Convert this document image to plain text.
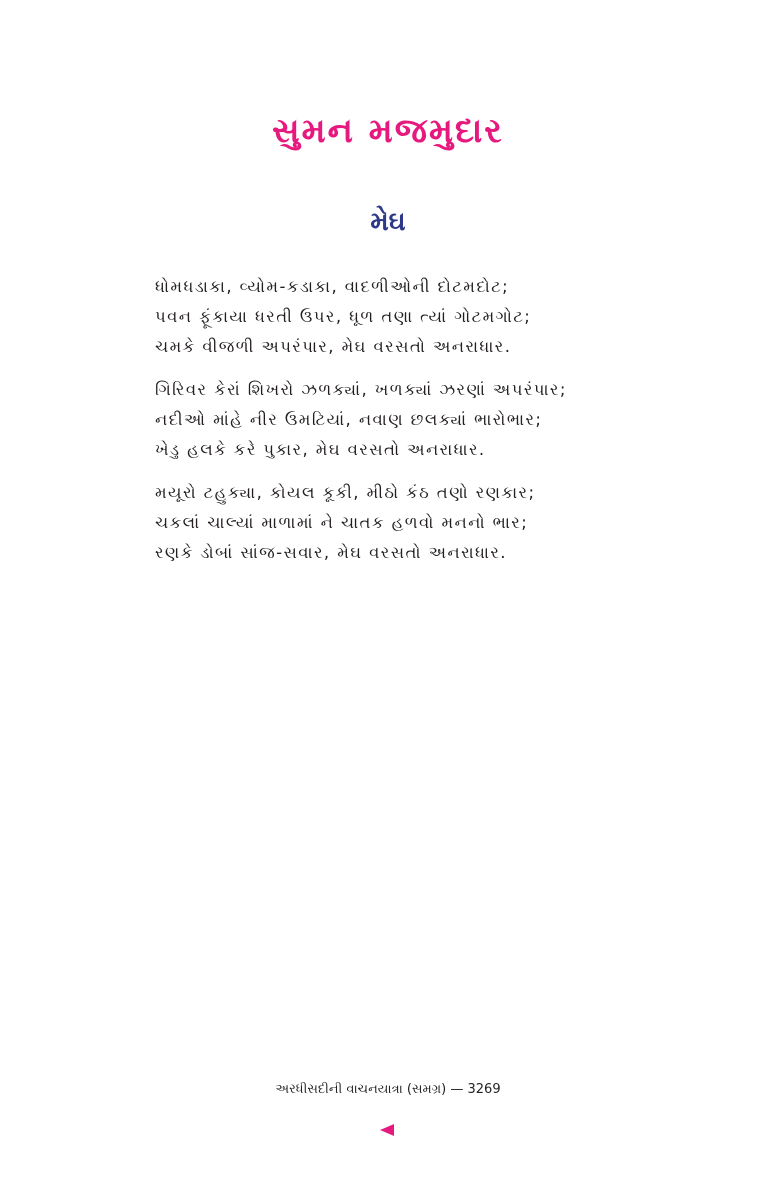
સુમન મજમુદાર
મેઘ
ધોમધડાકા, વ્યોમ-કડાકા, વાદળીઓની દોટમદોટ;
પવન ફૂંકાયા ધરતી ઉપર, ધૂળ તણા ત્યાં ગોટમગોટ;
ચમકે વીજળી અપરંપાર, મેઘ વરસતો અનરાધાર.
ગિરિવર કેરાં શિખરો ઝળક્યાં, ખળક્યાં ઝરણાં અપરંપાર;
નદીઓ માંહે નીર ઉમટિયાં, નવાણ છલક્યાં ભારોભાર;
ખેડુ હલકે કરે પુકાર, મેઘ વરસતો અનરાધાર.
મયૂરો ટહુક્યા, કોયલ કૂકી, મીઠો કંઠ તણો રણકાર;
ચકલાં ચાલ્યાં માળામાં ને ચાતક હળવો મનનો ભાર;
રણકે ડોબાં સાંજ-સવાર, મેઘ વરસતો અનરાધાર.
અરધીસદીની વાચનયાત્રા (સમગ્ર) — 3269
